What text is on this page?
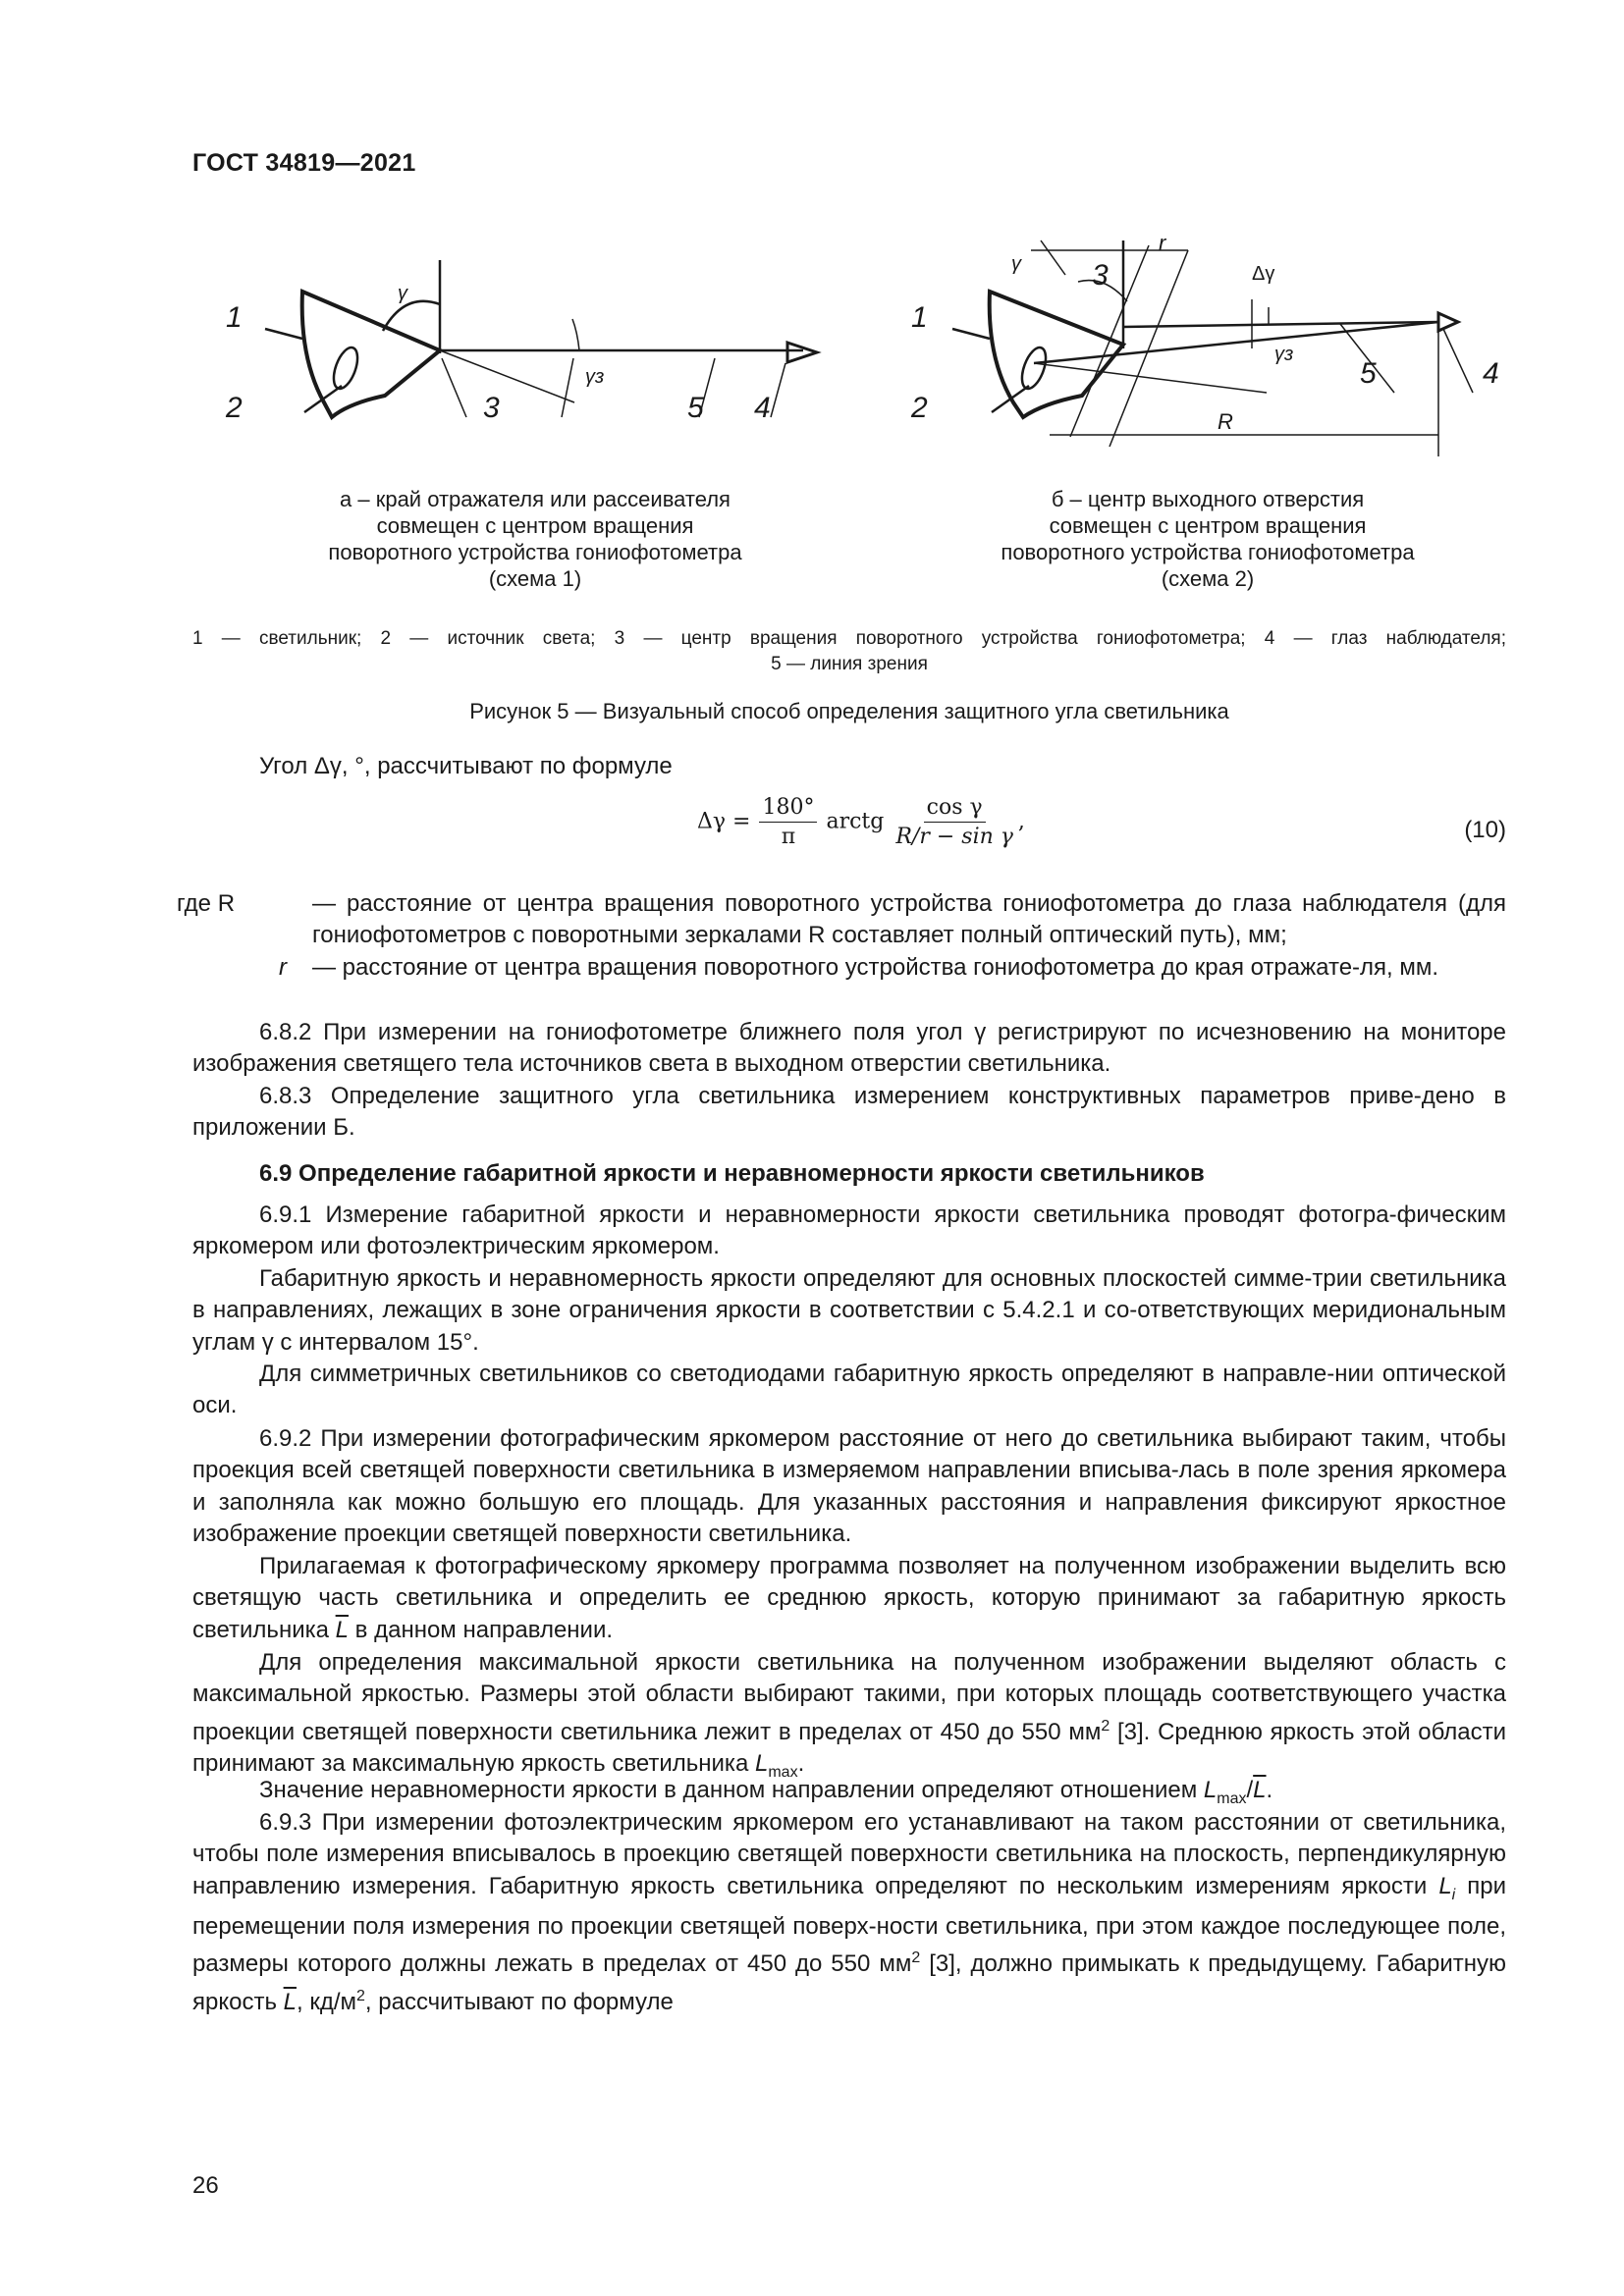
ГОСТ 34819—2021
1
2	3	5 4
γ
γз
1
2
3
5	4
r
R
γ
γз
Δγ
а – край отражателя или рассеивателя
совмещен с центром вращения
поворотного устройства гониофотометра
(схема 1)
б – центр выходного отверстия
совмещен с центром вращения
поворотного устройства гониофотометра
(схема 2)
1 — светильник; 2 — источник света; 3 — центр вращения поворотного устройства гониофотометра; 4 — глаз наблюдателя;
5 — линия зрения
Рисунок 5 — Визуальный способ определения защитного угла светильника
Угол Δγ, °, рассчитывают по формуле
$\Delta\gamma = \frac{180^\circ}{\pi}$ arctg $\frac{\text{cos γ}}{\text{R/r − sin γ}}$ ,	(10)
где R	— расстояние от центра вращения поворотного устройства гониофотометра до глаза наблюдателя (для гониофотометров с поворотными зеркалами R составляет полный оптический путь), мм;
r — расстояние от центра вращения поворотного устройства гониофотометра до края отражате-ля, мм.
6.8.2 При измерении на гониофотометре ближнего поля угол γ регистрируют по исчезновению на мониторе изображения светящего тела источников света в выходном отверстии светильника.
6.8.3 Определение защитного угла светильника измерением конструктивных параметров приве-дено в приложении Б.
6.9 Определение габаритной яркости и неравномерности яркости светильников
6.9.1 Измерение габаритной яркости и неравномерности яркости светильника проводят фотогра-фическим яркомером или фотоэлектрическим яркомером.
Габаритную яркость и неравномерность яркости определяют для основных плоскостей симме-трии светильника в направлениях, лежащих в зоне ограничения яркости в соответствии с 5.4.2.1 и со-ответствующих меридиональным углам γ с интервалом 15°.
Для симметричных светильников со светодиодами габаритную яркость определяют в направле-нии оптической оси.
6.9.2 При измерении фотографическим яркомером расстояние от него до светильника выбирают таким, чтобы проекция всей светящей поверхности светильника в измеряемом направлении вписыва-лась в поле зрения яркомера и заполняла как можно большую его площадь. Для указанных расстояния и направления фиксируют яркостное изображение проекции светящей поверхности светильника.
Прилагаемая к фотографическому яркомеру программа позволяет на полученном изображении выделить всю светящую часть светильника и определить ее среднюю яркость, которую принимают за габаритную яркость светильника $\overline{L}$ в данном направлении.
Для определения максимальной яркости светильника на полученном изображении выделяют область с максимальной яркостью. Размеры этой области выбирают такими, при которых площадь соответствующего участка проекции светящей поверхности светильника лежит в пределах от 450 до 550 $мм^2$ [3]. Среднюю яркость этой области принимают за максимальную яркость светильника $L_{max}$.
Значение неравномерности яркости в данном направлении определяют отношением $L_{max}/\overline{L}$.
6.9.3 При измерении фотоэлектрическим яркомером его устанавливают на таком расстоянии от светильника, чтобы поле измерения вписывалось в проекцию светящей поверхности светильника на плоскость, перпендикулярную направлению измерения. Габаритную яркость светильника определяют по нескольким измерениям яркости $L_i$ при перемещении поля измерения по проекции светящей поверх-ности светильника, при этом каждое последующее поле, размеры которого должны лежать в пределах от 450 до 550 $мм^2$ [3], должно примыкать к предыдущему. Габаритную яркость $\overline{L}$, $кд/м^2$, рассчитывают по формуле
26
